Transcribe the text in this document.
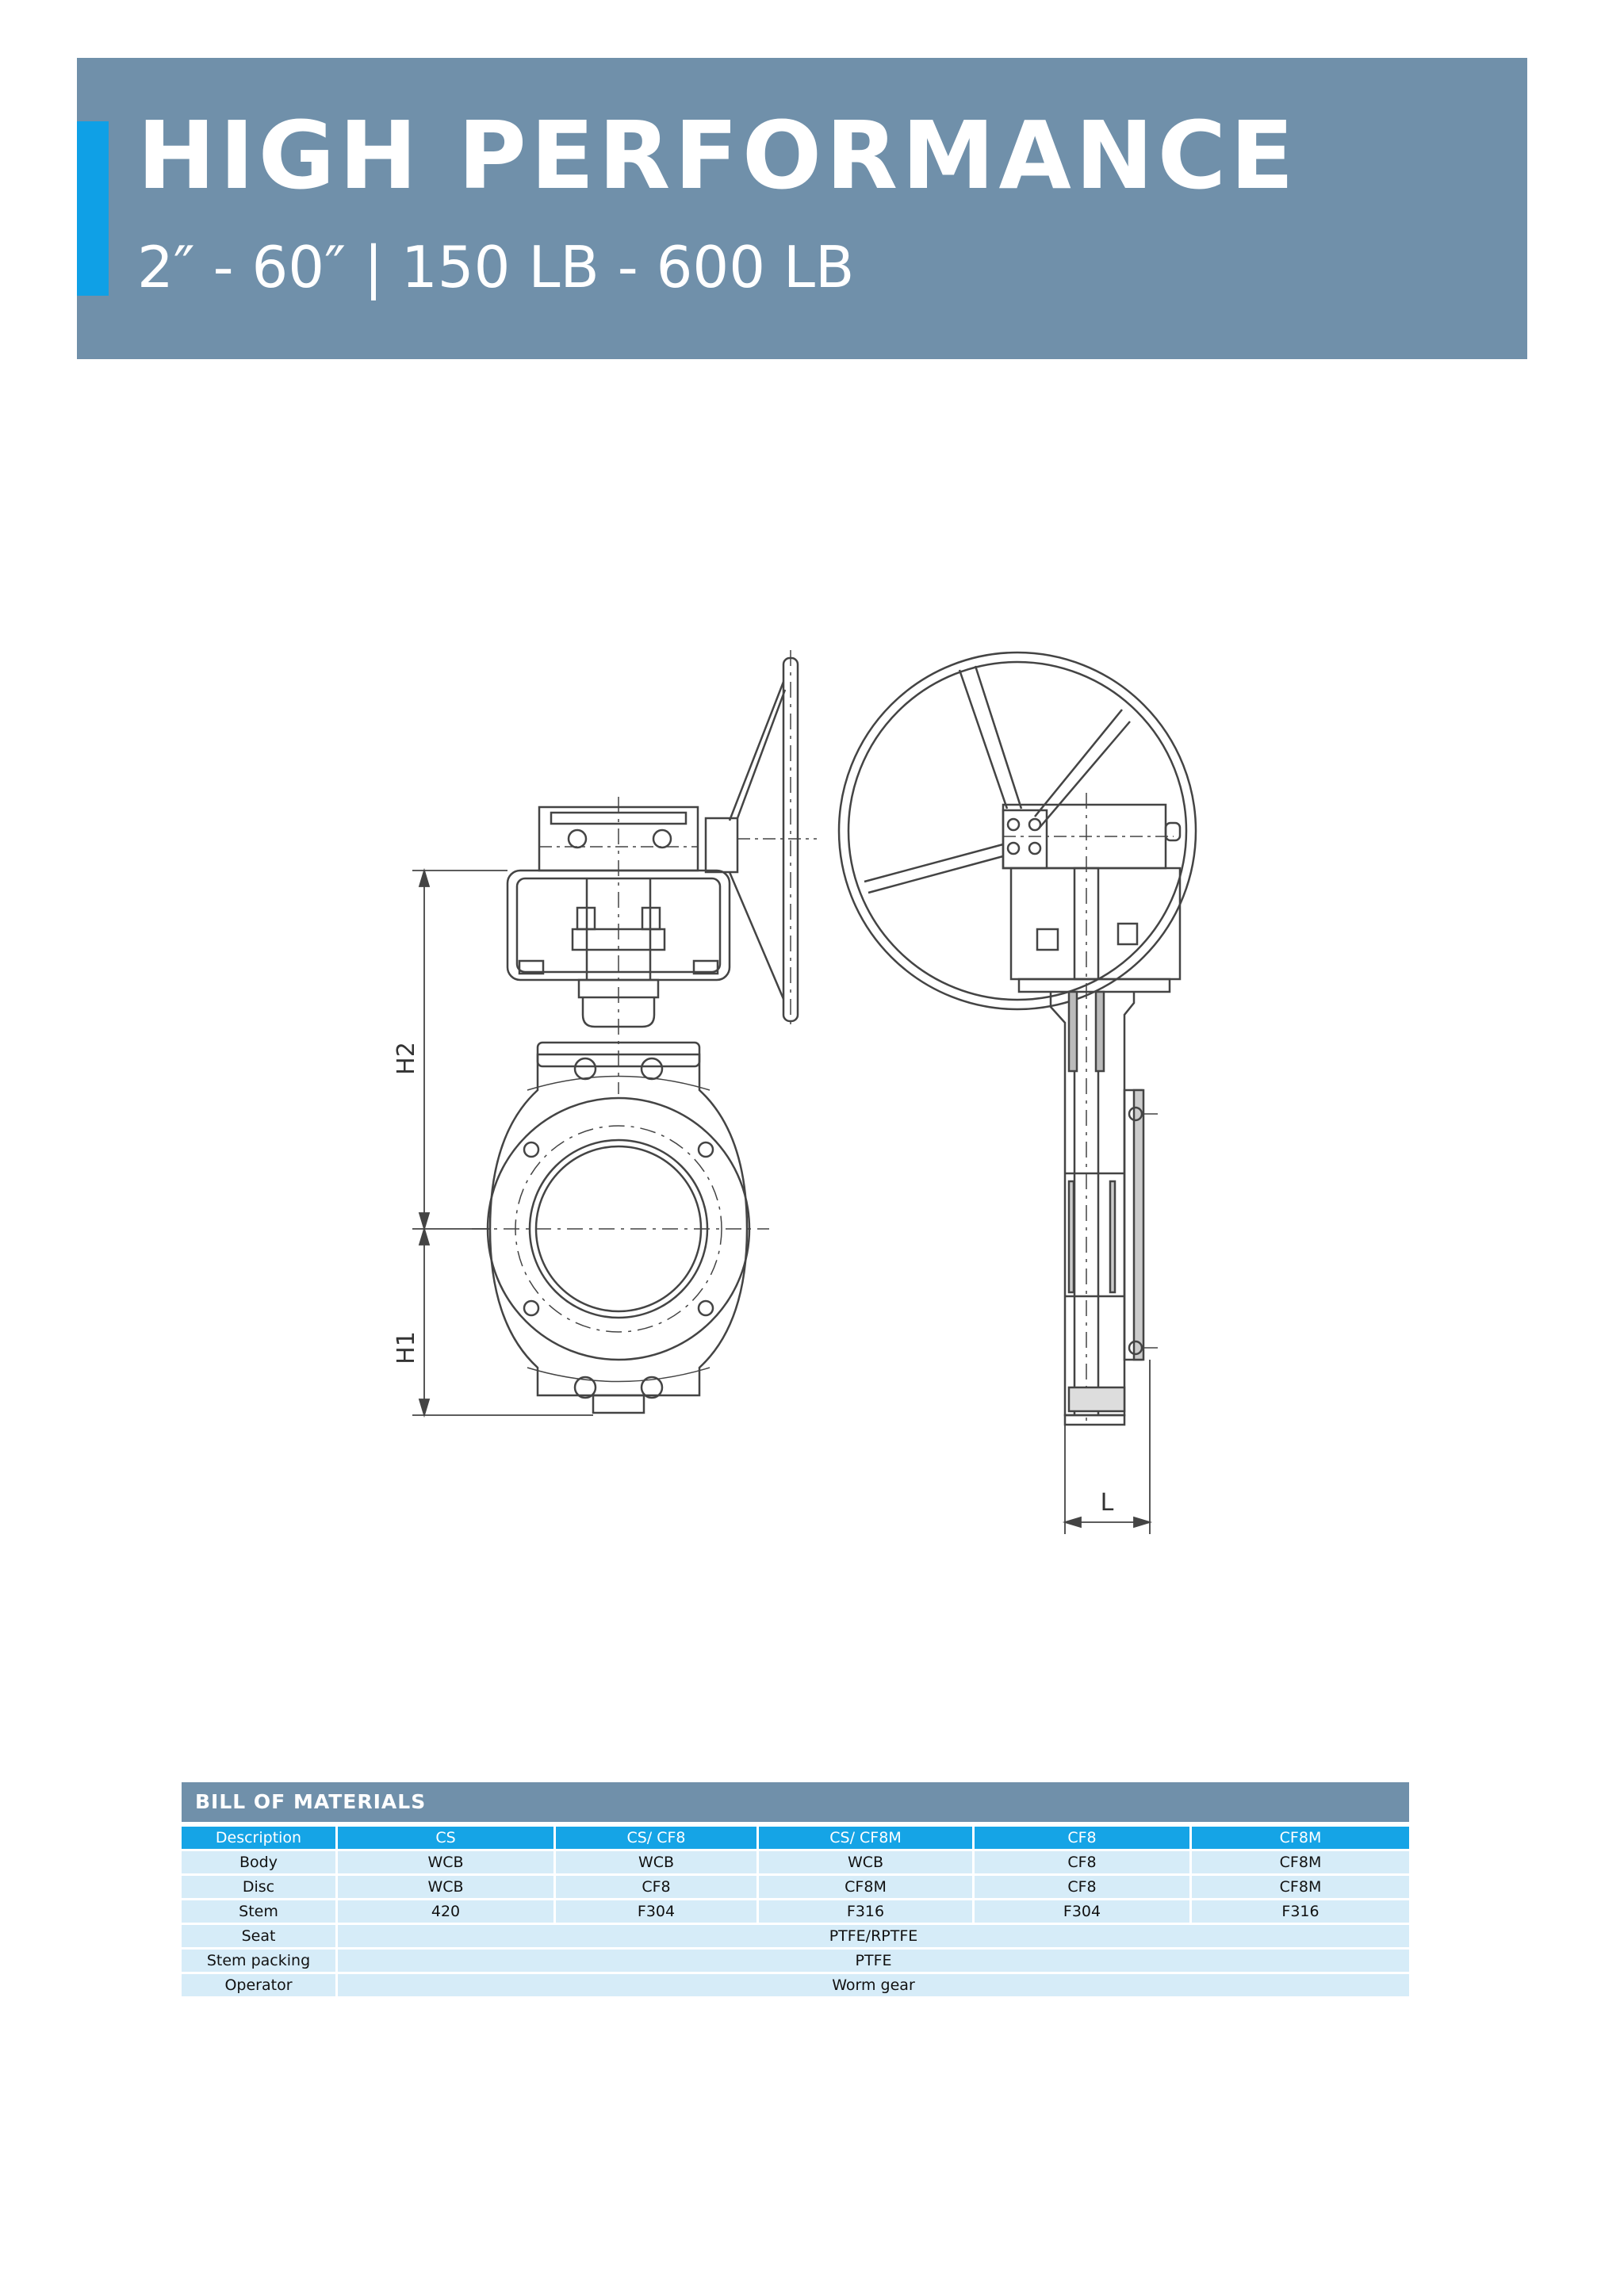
HIGH PERFORMANCE
2″ - 60″ | 150 LB - 600 LB
H2
H1
L
BILL OF MATERIALS
Description	CS	CS/ CF8	CS/ CF8M	CF8	CF8M
Body	WCB	WCB	WCB	CF8	CF8M
Disc	WCB	CF8	CF8M	CF8	CF8M
Stem	420	F304	F316	F304	F316
Seat	PTFE/RPTFE				
Stem packing	PTFE				
Operator	Worm gear				
